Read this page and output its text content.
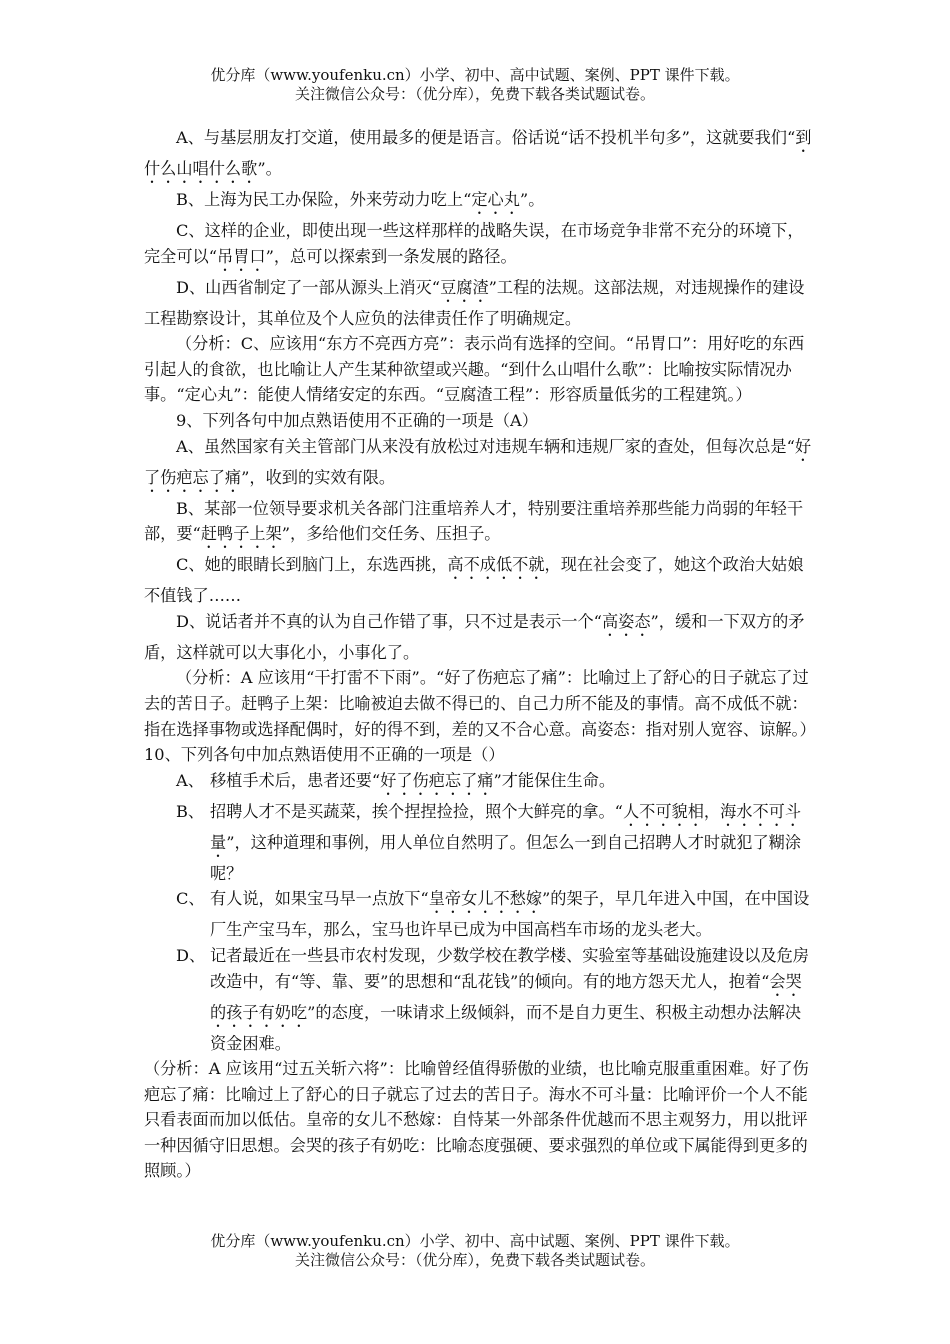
优分库（www.youfenku.cn）小学、初中、高中试题、案例、PPT 课件下载。
关注微信公众号：（优分库），免费下载各类试题试卷。

A、与基层朋友打交道，使用最多的便是语言。俗话说“话不投机半句多”，这就要我们“到什么山唱什么歌”。

B、上海为民工办保险，外来劳动力吃上“定心丸”。

C、这样的企业，即使出现一些这样那样的战略失误，在市场竞争非常不充分的环境下，完全可以“吊胃口”，总可以探索到一条发展的路径。

D、山西省制定了一部从源头上消灭“豆腐渣”工程的法规。这部法规，对违规操作的建设工程勘察设计，其单位及个人应负的法律责任作了明确规定。

（分析：C、应该用“东方不亮西方亮”：表示尚有选择的空间。“吊胃口”：用好吃的东西引起人的食欲，也比喻让人产生某种欲望或兴趣。“到什么山唱什么歌”：比喻按实际情况办事。“定心丸”：能使人情绪安定的东西。“豆腐渣工程”：形容质量低劣的工程建筑。）

9、下列各句中加点熟语使用不正确的一项是（A）

A、虽然国家有关主管部门从来没有放松过对违规车辆和违规厂家的查处，但每次总是“好了伤疤忘了痛”，收到的实效有限。

B、某部一位领导要求机关各部门注重培养人才，特别要注重培养那些能力尚弱的年轻干部，要“赶鸭子上架”，多给他们交任务、压担子。

C、她的眼睛长到脑门上，东选西挑，高不成低不就，现在社会变了，她这个政治大姑娘不值钱了……

D、说话者并不真的认为自己作错了事，只不过是表示一个“高姿态”，缓和一下双方的矛盾，这样就可以大事化小，小事化了。

（分析：A 应该用“干打雷不下雨”。“好了伤疤忘了痛”：比喻过上了舒心的日子就忘了过去的苦日子。赶鸭子上架：比喻被迫去做不得已的、自己力所不能及的事情。高不成低不就：指在选择事物或选择配偶时，好的得不到，差的又不合心意。高姿态：指对别人宽容、谅解。）

10、下列各句中加点熟语使用不正确的一项是（）

A、 移植手术后，患者还要“好了伤疤忘了痛”才能保住生命。
B、 招聘人才不是买蔬菜，挨个捏捏捡捡，照个大鲜亮的拿。“人不可貌相，海水不可斗量”，这种道理和事例，用人单位自然明了。但怎么一到自己招聘人才时就犯了糊涂呢？
C、 有人说，如果宝马早一点放下“皇帝女儿不愁嫁”的架子，早几年进入中国，在中国设厂生产宝马车，那么，宝马也许早已成为中国高档车市场的龙头老大。
D、 记者最近在一些县市农村发现，少数学校在教学楼、实验室等基础设施建设以及危房改造中，有“等、靠、要”的思想和“乱花钱”的倾向。有的地方怨天尤人，抱着“会哭的孩子有奶吃”的态度，一味请求上级倾斜，而不是自力更生、积极主动想办法解决资金困难。

（分析：A 应该用“过五关斩六将”：比喻曾经值得骄傲的业绩，也比喻克服重重困难。好了伤疤忘了痛：比喻过上了舒心的日子就忘了过去的苦日子。海水不可斗量：比喻评价一个人不能只看表面而加以低估。皇帝的女儿不愁嫁：自恃某一外部条件优越而不思主观努力，用以批评一种因循守旧思想。会哭的孩子有奶吃：比喻态度强硬、要求强烈的单位或下属能得到更多的照顾。）

优分库（www.youfenku.cn）小学、初中、高中试题、案例、PPT 课件下载。
关注微信公众号：（优分库），免费下载各类试题试卷。
